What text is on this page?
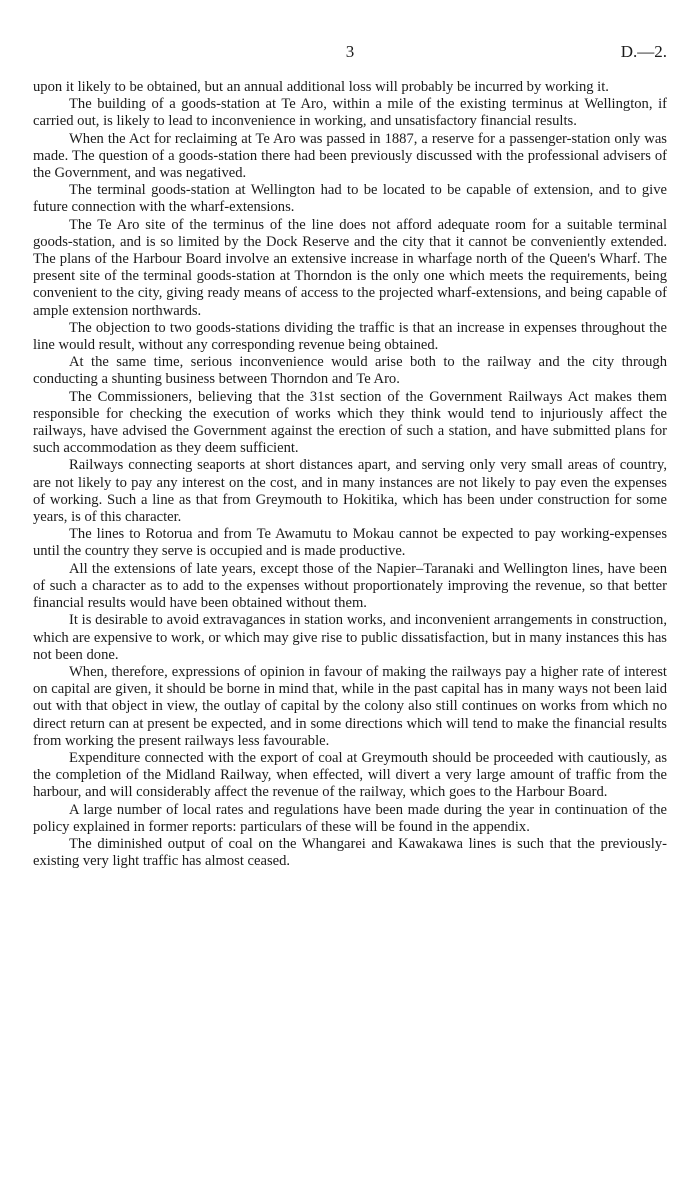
3	D.—2.

upon it likely to be obtained, but an annual additional loss will probably be incurred by working it.

The building of a goods-station at Te Aro, within a mile of the existing terminus at Wellington, if carried out, is likely to lead to inconvenience in working, and unsatisfactory financial results.

When the Act for reclaiming at Te Aro was passed in 1887, a reserve for a passenger-station only was made. The question of a goods-station there had been previously discussed with the professional advisers of the Government, and was negatived.

The terminal goods-station at Wellington had to be located to be capable of extension, and to give future connection with the wharf-extensions.

The Te Aro site of the terminus of the line does not afford adequate room for a suitable terminal goods-station, and is so limited by the Dock Reserve and the city that it cannot be conveniently extended. The plans of the Harbour Board involve an extensive increase in wharfage north of the Queen's Wharf. The present site of the terminal goods-station at Thorndon is the only one which meets the requirements, being convenient to the city, giving ready means of access to the projected wharf-extensions, and being capable of ample extension northwards.

The objection to two goods-stations dividing the traffic is that an increase in expenses throughout the line would result, without any corresponding revenue being obtained.

At the same time, serious inconvenience would arise both to the railway and the city through conducting a shunting business between Thorndon and Te Aro.

The Commissioners, believing that the 31st section of the Government Railways Act makes them responsible for checking the execution of works which they think would tend to injuriously affect the railways, have advised the Government against the erection of such a station, and have submitted plans for such accommodation as they deem sufficient.

Railways connecting seaports at short distances apart, and serving only very small areas of country, are not likely to pay any interest on the cost, and in many instances are not likely to pay even the expenses of working. Such a line as that from Greymouth to Hokitika, which has been under construction for some years, is of this character.

The lines to Rotorua and from Te Awamutu to Mokau cannot be expected to pay working-expenses until the country they serve is occupied and is made productive.

All the extensions of late years, except those of the Napier–Taranaki and Wellington lines, have been of such a character as to add to the expenses without proportionately improving the revenue, so that better financial results would have been obtained without them.

It is desirable to avoid extravagances in station works, and inconvenient arrangements in construction, which are expensive to work, or which may give rise to public dissatisfaction, but in many instances this has not been done.

When, therefore, expressions of opinion in favour of making the railways pay a higher rate of interest on capital are given, it should be borne in mind that, while in the past capital has in many ways not been laid out with that object in view, the outlay of capital by the colony also still continues on works from which no direct return can at present be expected, and in some directions which will tend to make the financial results from working the present railways less favourable.

Expenditure connected with the export of coal at Greymouth should be proceeded with cautiously, as the completion of the Midland Railway, when effected, will divert a very large amount of traffic from the harbour, and will considerably affect the revenue of the railway, which goes to the Harbour Board.

A large number of local rates and regulations have been made during the year in continuation of the policy explained in former reports: particulars of these will be found in the appendix.

The diminished output of coal on the Whangarei and Kawakawa lines is such that the previously-existing very light traffic has almost ceased.
